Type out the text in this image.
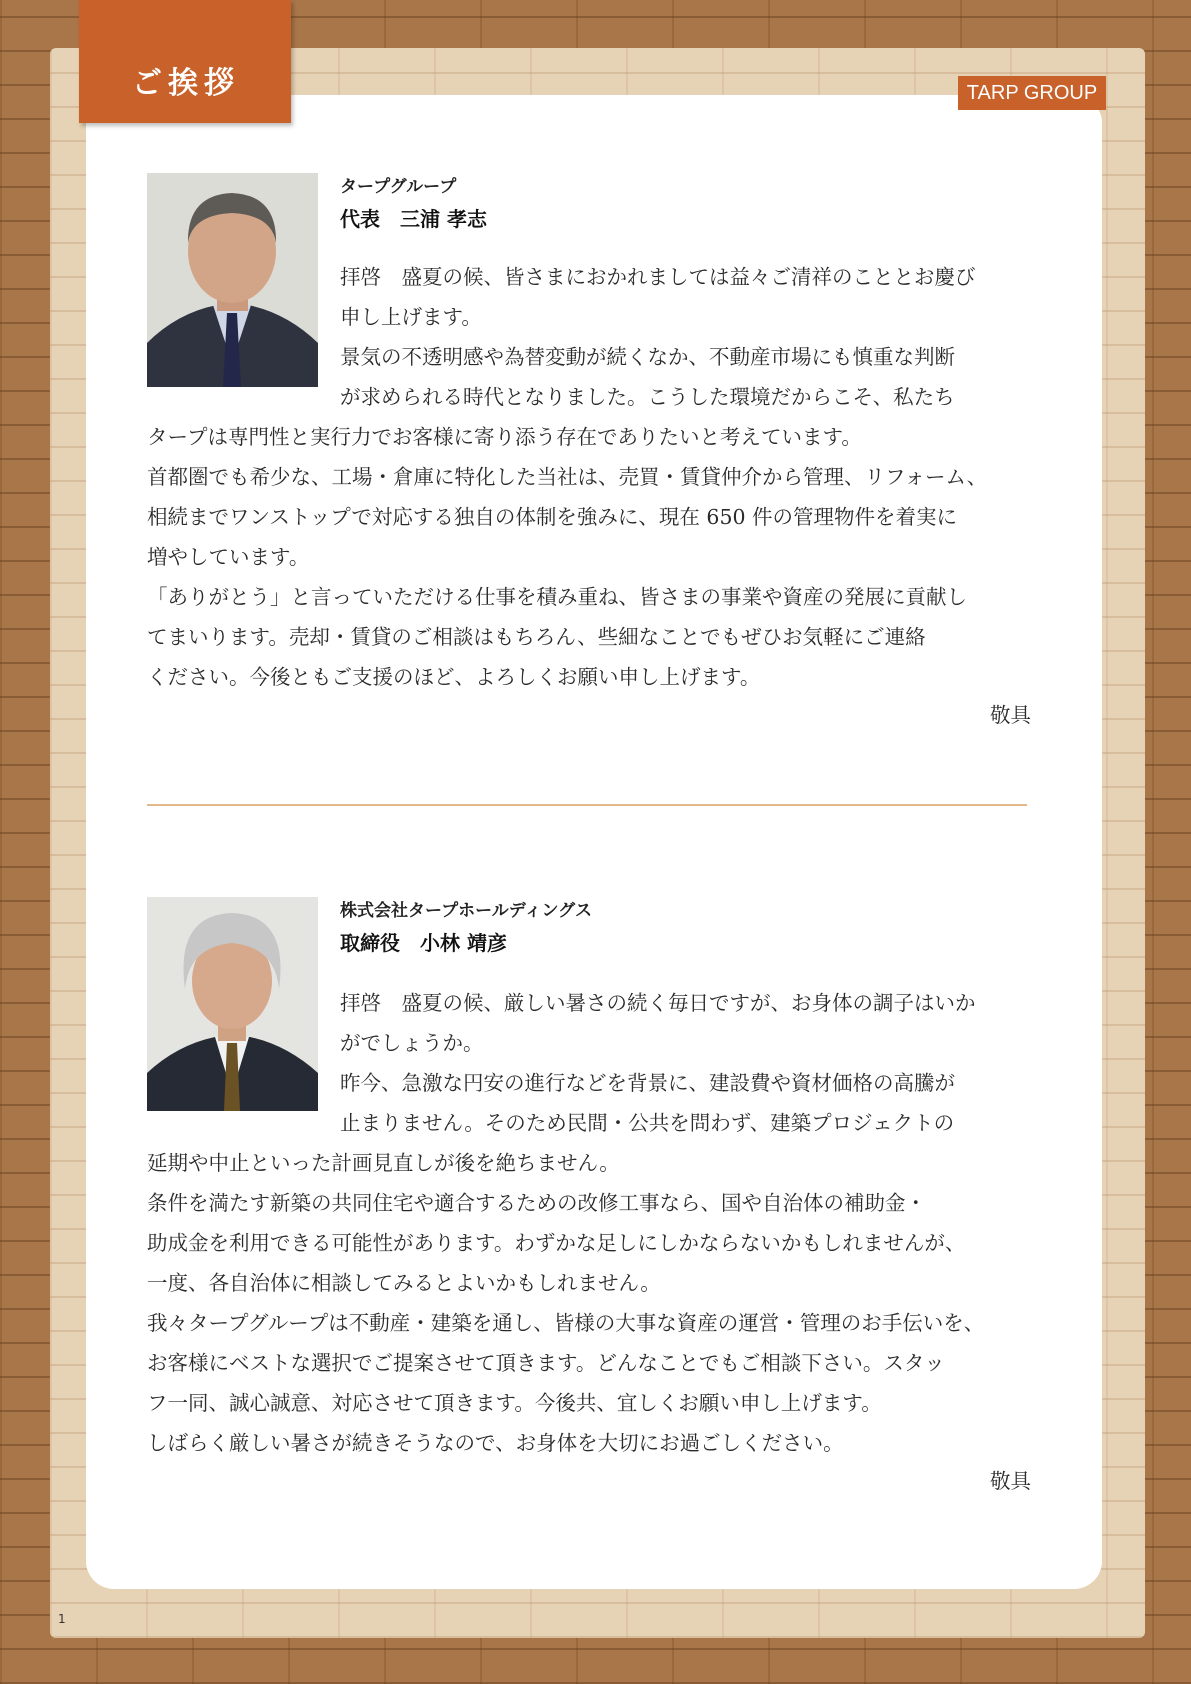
ご挨拶	TARP GROUP
タープグループ
代表　三浦 孝志
拝啓　盛夏の候、皆さまにおかれましては益々ご清祥のこととお慶び
申し上げます。
景気の不透明感や為替変動が続くなか、不動産市場にも慎重な判断
が求められる時代となりました。こうした環境だからこそ、私たち
タープは専門性と実行力でお客様に寄り添う存在でありたいと考えています。
首都圏でも希少な、工場・倉庫に特化した当社は、売買・賃貸仲介から管理、リフォーム、
相続までワンストップで対応する独自の体制を強みに、現在 650 件の管理物件を着実に
増やしています。
「ありがとう」と言っていただける仕事を積み重ね、皆さまの事業や資産の発展に貢献し
てまいります。売却・賃貸のご相談はもちろん、些細なことでもぜひお気軽にご連絡
ください。今後ともご支援のほど、よろしくお願い申し上げます。
敬具
株式会社タープホールディングス
取締役　小林 靖彦
拝啓　盛夏の候、厳しい暑さの続く毎日ですが、お身体の調子はいか
がでしょうか。
昨今、急激な円安の進行などを背景に、建設費や資材価格の高騰が
止まりません。そのため民間・公共を問わず、建築プロジェクトの
延期や中止といった計画見直しが後を絶ちません。
条件を満たす新築の共同住宅や適合するための改修工事なら、国や自治体の補助金・
助成金を利用できる可能性があります。わずかな足しにしかならないかもしれませんが、
一度、各自治体に相談してみるとよいかもしれません。
我々タープグループは不動産・建築を通し、皆様の大事な資産の運営・管理のお手伝いを、
お客様にベストな選択でご提案させて頂きます。どんなことでもご相談下さい。スタッ
フ一同、誠心誠意、対応させて頂きます。今後共、宜しくお願い申し上げます。
しばらく厳しい暑さが続きそうなので、お身体を大切にお過ごしください。
敬具
1
